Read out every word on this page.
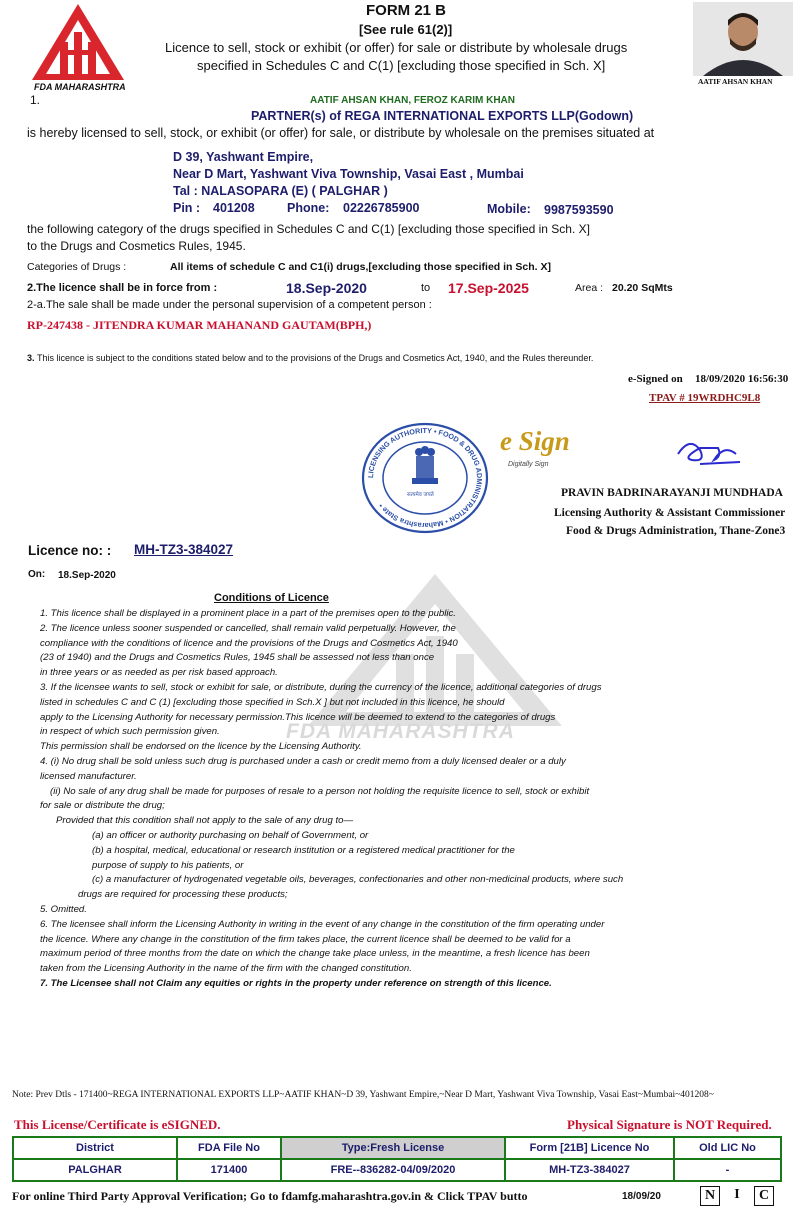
FDA MAHARASHTRA
FORM 21 B
[See rule 61(2)]
Licence to sell, stock or exhibit (or offer) for sale or distribute by wholesale drugs
specified in Schedules C and C(1) [excluding those specified in Sch. X]
AATIF AHSAN KHAN
1.	AATIF AHSAN KHAN, FEROZ KARIM KHAN
PARTNER(s) of REGA INTERNATIONAL EXPORTS LLP(Godown)
is hereby licensed to sell, stock, or exhibit (or offer) for sale, or distribute by wholesale on the premises situated at
D 39, Yashwant Empire,
Near D Mart, Yashwant Viva Township, Vasai East , Mumbai
Tal : NALASOPARA (E) ( PALGHAR )
Pin : 401208	Phone: 02226785900	Mobile: 9987593590
the following category of the drugs specified in Schedules C and C(1) [excluding those specified in Sch. X]
to the Drugs and Cosmetics Rules, 1945.
Categories of Drugs :	All items of schedule C and C1(i) drugs,[excluding those specified in Sch. X]
2.The licence shall be in force from :	18.Sep-2020	to 17.Sep-2025	Area : 20.20 SqMts
2-a.The sale shall be made under the personal supervision of a competent person :
RP-247438 - JITENDRA KUMAR MAHANAND GAUTAM(BPH,)
3. This licence is subject to the conditions stated below and to the provisions of the Drugs and Cosmetics Act, 1940, and the Rules thereunder.
e-Signed on 18/09/2020 16:56:30
TPAV # 19WRDHC9L8
LICENSING AUTHORITY • FOOD & DRUG ADMINISTRATION • Maharashtra State •
सत्यमेव जयते
e Sign
Digitally Sign
PRAVIN BADRINARAYANJI MUNDHADA
Licensing Authority & Assistant Commissioner
Food & Drugs Administration, Thane-Zone3
Licence no: : MH-TZ3-384027
On: 18.Sep-2020
FDA MAHARASHTRA
Conditions of Licence
1. This licence shall be displayed in a prominent place in a part of the premises open to the public.
2. The licence unless sooner suspended or cancelled, shall remain valid perpetually. However, the
compliance with the conditions of licence and the provisions of the Drugs and Cosmetics Act, 1940
(23 of 1940) and the Drugs and Cosmetics Rules, 1945 shall be assessed not less than once
in three years or as needed as per risk based approach.
3. If the licensee wants to sell, stock or exhibit for sale, or distribute, during the currency of the licence, additional categories of drugs
listed in schedules C and C (1) [excluding those specified in Sch.X ] but not included in this licence, he should
apply to the Licensing Authority for necessary permission.This licence will be deemed to extend to the categories of drugs
in respect of which such permission given.
This permission shall be endorsed on the licence by the Licensing Authority.
4. (i) No drug shall be sold unless such drug is purchased under a cash or credit memo from a duly licensed dealer or a duly
licensed manufacturer.
(ii) No sale of any drug shall be made for purposes of resale to a person not holding the requisite licence to sell, stock or exhibit
for sale or distribute the drug;
Provided that this condition shall not apply to the sale of any drug to—
(a) an officer or authority purchasing on behalf of Government, or
(b) a hospital, medical, educational or research institution or a registered medical practitioner for the
purpose of supply to his patients, or
(c) a manufacturer of hydrogenated vegetable oils, beverages, confectionaries and other non-medicinal products, where such
drugs are required for processing these products;
5. Omitted.
6. The licensee shall inform the Licensing Authority in writing in the event of any change in the constitution of the firm operating under
the licence. Where any change in the constitution of the firm takes place, the current licence shall be deemed to be valid for a
maximum period of three months from the date on which the change take place unless, in the meantime, a fresh licence has been
taken from the Licensing Authority in the name of the firm with the changed constitution.
7. The Licensee shall not Claim any equities or rights in the property under reference on strength of this licence.
Note: Prev Dtls - 171400~REGA INTERNATIONAL EXPORTS LLP~AATIF KHAN~D 39, Yashwant Empire,~Near D Mart, Yashwant Viva Township, Vasai East~Mumbai~401208~
This License/Certificate is eSIGNED.	Physical Signature is NOT Required.
District	FDA File No	Type:Fresh License	Form [21B] Licence No	Old LIC No
PALGHAR	171400	FRE--836282-04/09/2020	MH-TZ3-384027	-
For online Third Party Approval Verification; Go to fdamfg.maharashtra.gov.in & Click TPAV butto	18/09/20	N	I	C
